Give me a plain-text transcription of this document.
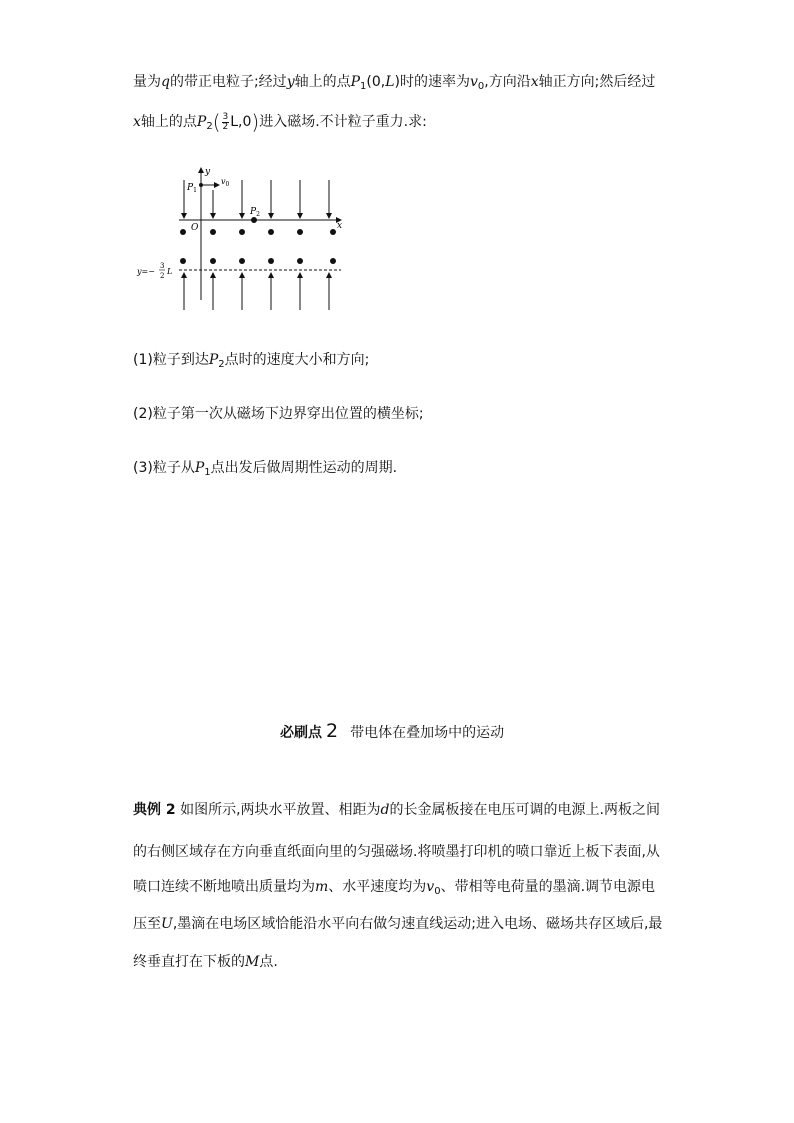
量为q的带正电粒子;经过y轴上的点$P_1(0,L)$时的速率为$v_0$,方向沿x轴正方向;然后经过
x轴上的点$P_2( \frac{3}{2} L,0)$进入磁场.不计粒子重力.求:
y
x
O
$P_1$
$v_0$
$P_2$
y=−
3
2 L
(1)粒子到达$P_2$点时的速度大小和方向;
(2)粒子第一次从磁场下边界穿出位置的横坐标;
(3)粒子从$P_1$点出发后做周期性运动的周期.
必刷点 2 带电体在叠加场中的运动
典例 2 如图所示,两块水平放置、相距为d的长金属板接在电压可调的电源上.两板之间
的右侧区域存在方向垂直纸面向里的匀强磁场.将喷墨打印机的喷口靠近上板下表面,从
喷口连续不断地喷出质量均为m、水平速度均为$v_0$、带相等电荷量的墨滴.调节电源电
压至U,墨滴在电场区域恰能沿水平向右做匀速直线运动;进入电场、磁场共存区域后,最
终垂直打在下板的M点.
